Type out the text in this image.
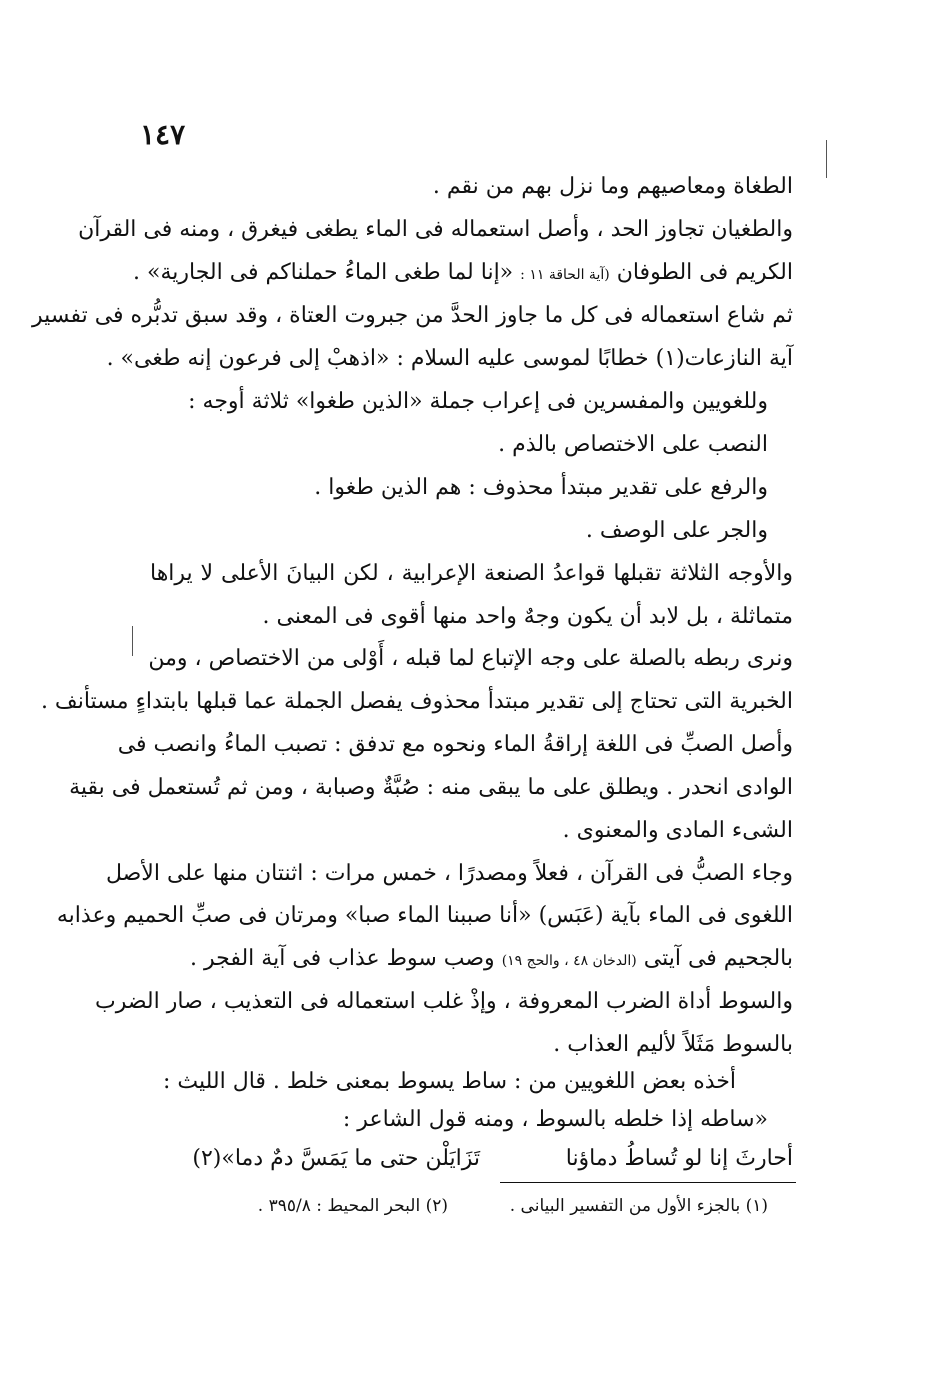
١٤٧
الطغاة ومعاصيهم وما نزل بهم من نقم .
والطغيان تجاوز الحد ، وأصل استعماله فى الماء يطغى فيغرق ، ومنه فى القرآن
الكريم فى الطوفان (آية الحاقة ١١ : «إنا لما طغى الماءُ حملناكم فى الجارية» .
ثم شاع استعماله فى كل ما جاوز الحدَّ من جبروت العتاة ، وقد سبق تدبُّره فى تفسير
آية النازعات(١) خطابًا لموسى عليه السلام : «اذهبْ إلى فرعون إنه طغى» .
وللغويين والمفسرين فى إعراب جملة «الذين طغوا» ثلاثة أوجه :
النصب على الاختصاص بالذم .
والرفع على تقدير مبتدأ محذوف : هم الذين طغوا .
والجر على الوصف .
والأوجه الثلاثة تقبلها قواعدُ الصنعة الإعرابية ، لكن البيانَ الأعلى لا يراها
متماثلة ، بل لابد أن يكون وجهٌ واحد منها أقوى فى المعنى .
ونرى ربطه بالصلة على وجه الإتباع لما قبله ، أَوْلى من الاختصاص ، ومن
الخبرية التى تحتاج إلى تقدير مبتدأ محذوف يفصل الجملة عما قبلها بابتداءٍ مستأنف .
وأصل الصبِّ فى اللغة إراقةُ الماء ونحوه مع تدفق : تصبب الماءُ وانصب فى
الوادى انحدر . ويطلق على ما يبقى منه : صُبَّةٌ وصبابة ، ومن ثم تُستعمل فى بقية
الشىء المادى والمعنوى .
وجاء الصبُّ فى القرآن ، فعلاً ومصدرًا ، خمس مرات : اثنتان منها على الأصل
اللغوى فى الماء بآية (عَبَس) «أنا صببنا الماء صبا» ومرتان فى صبِّ الحميم وعذابه
بالجحيم فى آيتى (الدخان ٤٨ ، والحج ١٩) وصب سوط عذاب فى آية الفجر .
والسوط أداة الضرب المعروفة ، وإذْ غلب استعماله فى التعذيب ، صار الضرب
بالسوط مَثَلاً لأليم العذاب .
أخذه بعض اللغويين من : ساط يسوط بمعنى خلط . قال الليث :
«ساطه إذا خلطه بالسوط ، ومنه قول الشاعر :
أحارثَ إنا لو تُساطُ دماؤنا
تَزَايَلْن حتى ما يَمَسَّ دمٌ دما»(٢)
(١) بالجزء الأول من التفسير البيانى .
(٢) البحر المحيط : ٣٩٥/٨ .
